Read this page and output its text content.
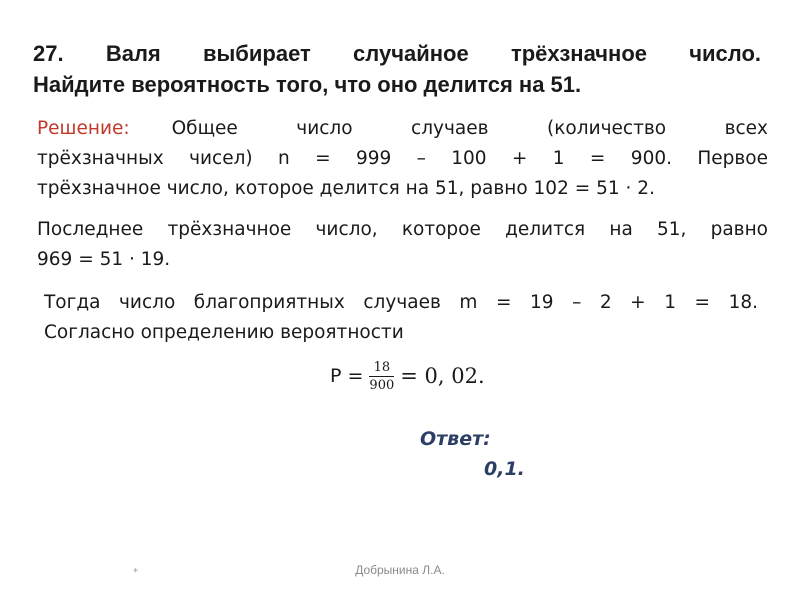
27. Валя выбирает случайное трёхзначное число.
Найдите вероятность того, что оно делится на 51.
Решение: Общее число случаев (количество всех
трёхзначных чисел) n = 999 – 100 + 1 = 900. Первое
трёхзначное число, которое делится на 51, равно 102 = 51 · 2.
Последнее трёхзначное число, которое делится на 51, равно
969 = 51 · 19.
Тогда число благоприятных случаев m = 19 – 2 + 1 = 18.
Согласно определению вероятности
$P = \frac{18}{900} = 0$, 02.
Ответ:
0,1.
*	Добрынина Л.А.
